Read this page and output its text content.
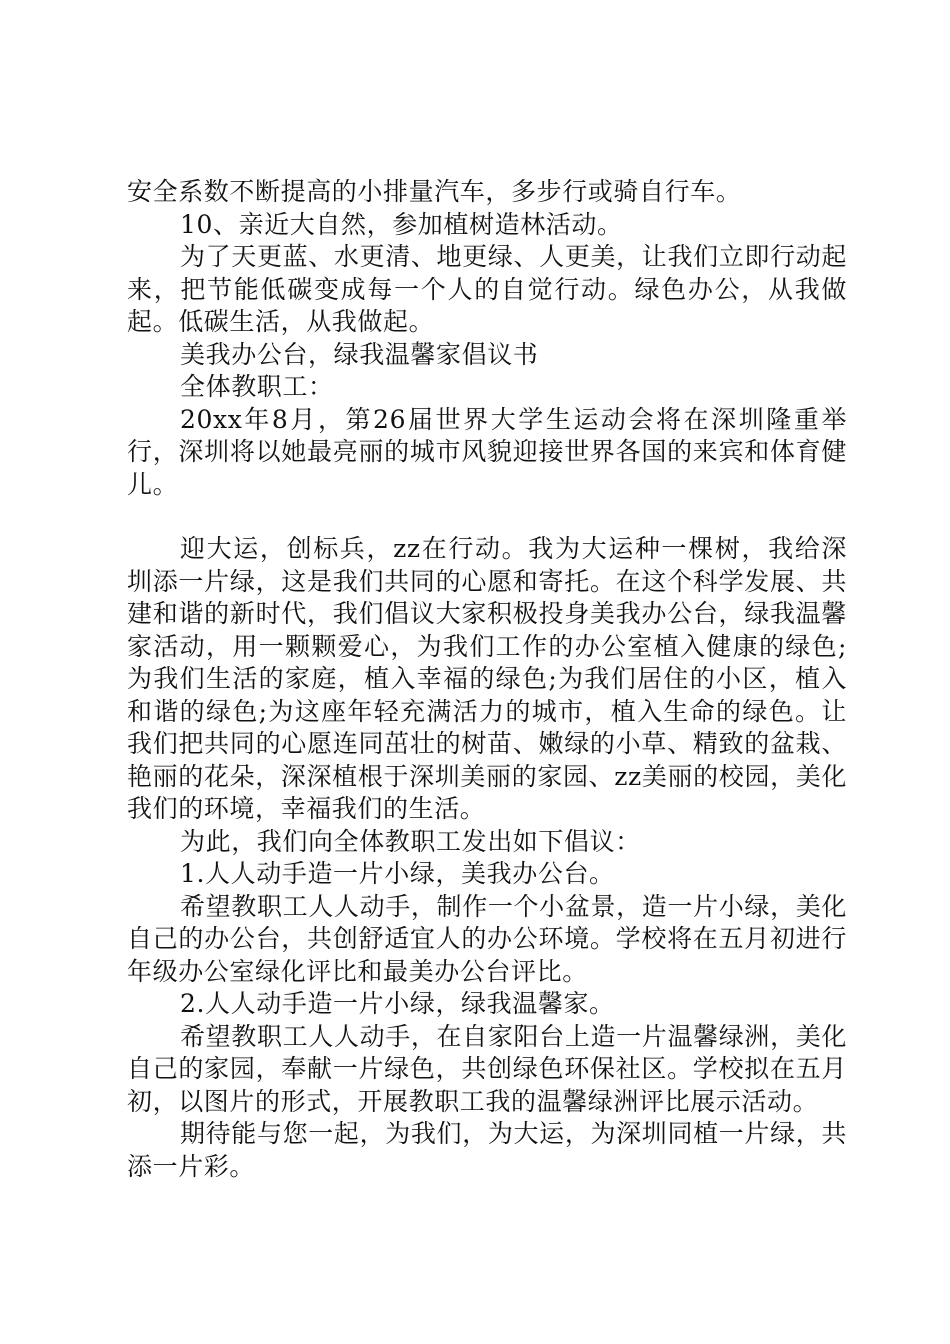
安全系数不断提高的小排量汽车，多步行或骑自行车。

10、亲近大自然，参加植树造林活动。

为了天更蓝、水更清、地更绿、人更美，让我们立即行动起来，把节能低碳变成每一个人的自觉行动。绿色办公，从我做起。低碳生活，从我做起。

美我办公台，绿我温馨家倡议书

全体教职工：

20xx年8月，第26届世界大学生运动会将在深圳隆重举行，深圳将以她最亮丽的城市风貌迎接世界各国的来宾和体育健儿。

迎大运，创标兵，zz在行动。我为大运种一棵树，我给深圳添一片绿，这是我们共同的心愿和寄托。在这个科学发展、共建和谐的新时代，我们倡议大家积极投身美我办公台，绿我温馨家活动，用一颗颗爱心，为我们工作的办公室植入健康的绿色;为我们生活的家庭，植入幸福的绿色;为我们居住的小区，植入和谐的绿色;为这座年轻充满活力的城市，植入生命的绿色。让我们把共同的心愿连同茁壮的树苗、嫩绿的小草、精致的盆栽、艳丽的花朵，深深植根于深圳美丽的家园、zz美丽的校园，美化我们的环境，幸福我们的生活。

为此，我们向全体教职工发出如下倡议：

1.人人动手造一片小绿，美我办公台。

希望教职工人人动手，制作一个小盆景，造一片小绿，美化自己的办公台，共创舒适宜人的办公环境。学校将在五月初进行年级办公室绿化评比和最美办公台评比。

2.人人动手造一片小绿，绿我温馨家。

希望教职工人人动手，在自家阳台上造一片温馨绿洲，美化自己的家园，奉献一片绿色，共创绿色环保社区。学校拟在五月初，以图片的形式，开展教职工我的温馨绿洲评比展示活动。

期待能与您一起，为我们，为大运，为深圳同植一片绿，共添一片彩。
